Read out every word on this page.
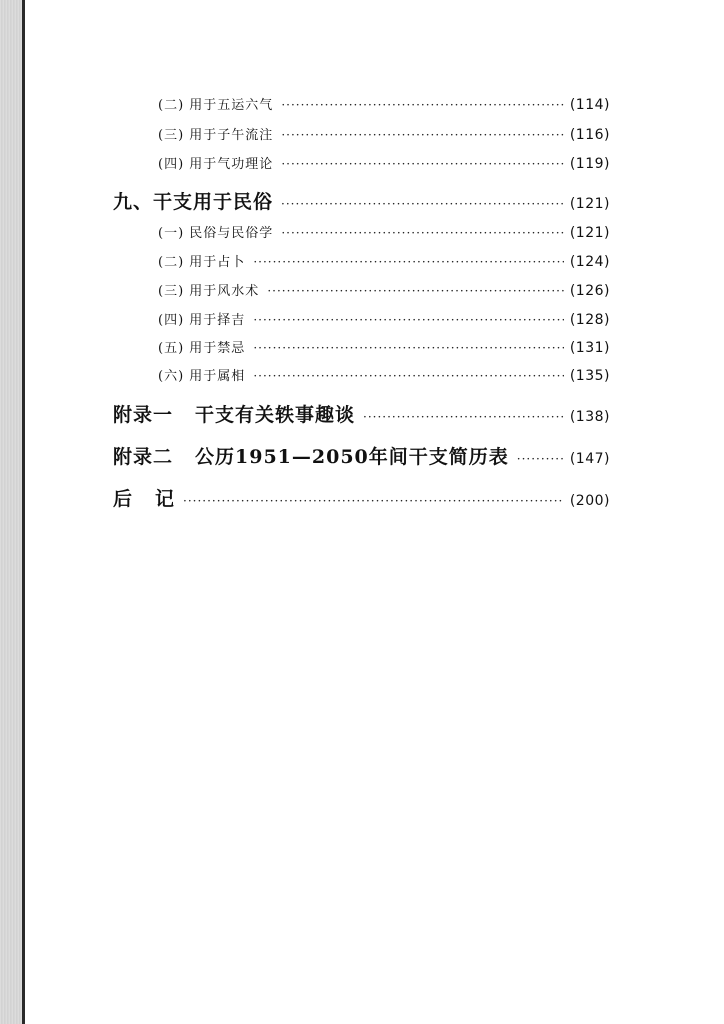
(二) 用于五运六气 ·····	(114)
(三) 用于子午流注 ·····	(116)
(四) 用于气功理论 ·····	(119)
九、干支用于民俗 ·····	(121)
(一) 民俗与民俗学 ·····	(121)
(二) 用于占卜 ·····	(124)
(三) 用于风水术 ·····	(126)
(四) 用于择吉 ·····	(128)
(五) 用于禁忌 ·····	(131)
(六) 用于属相 ·····	(135)
附录一 干支有关轶事趣谈 ·····	(138)
附录二 公历1951—2050年间干支简历表 ·····	(147)
后 记 ·····	(200)
